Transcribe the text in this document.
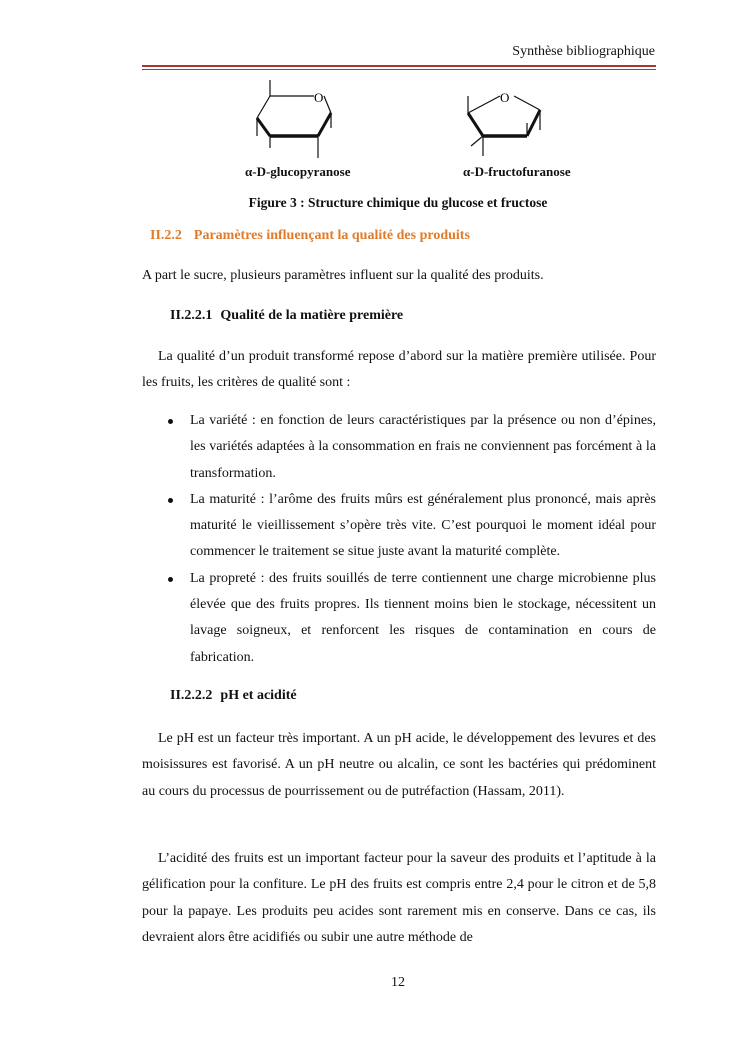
Synthèse bibliographique
O	O
α-D-glucopyranose	α-D-fructofuranose
Figure 3 : Structure chimique du glucose et fructose
II.2.2 Paramètres influençant la qualité des produits
A part le sucre, plusieurs paramètres influent sur la qualité des produits.
II.2.2.1 Qualité de la matière première
La qualité d’un produit transformé repose d’abord sur la matière première utilisée. Pour les fruits, les critères de qualité sont :
La variété : en fonction de leurs caractéristiques par la présence ou non d’épines, les variétés adaptées à la consommation en frais ne conviennent pas forcément à la transformation.
La maturité : l’arôme des fruits mûrs est généralement plus prononcé, mais après maturité le vieillissement s’opère très vite. C’est pourquoi le moment idéal pour commencer le traitement se situe juste avant la maturité complète.
La propreté : des fruits souillés de terre contiennent une charge microbienne plus élevée que des fruits propres. Ils tiennent moins bien le stockage, nécessitent un lavage soigneux, et renforcent les risques de contamination en cours de fabrication.
II.2.2.2 pH et acidité
Le pH est un facteur très important. A un pH acide, le développement des levures et des moisissures est favorisé. A un pH neutre ou alcalin, ce sont les bactéries qui prédominent au cours du processus de pourrissement ou de putréfaction (Hassam, 2011).
L’acidité des fruits est un important facteur pour la saveur des produits et l’aptitude à la gélification pour la confiture. Le pH des fruits est compris entre 2,4 pour le citron et de 5,8 pour la papaye. Les produits peu acides sont rarement mis en conserve. Dans ce cas, ils devraient alors être acidifiés ou subir une autre méthode de
12
